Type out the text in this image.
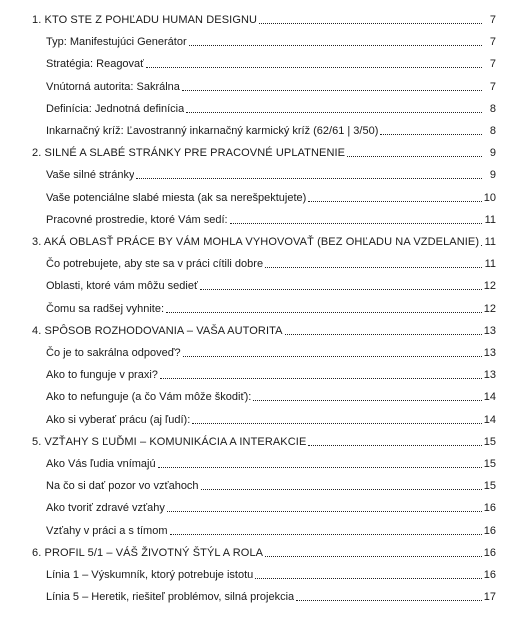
1. KTO STE Z POHĽADU HUMAN DESIGNU	7
Typ: Manifestujúci Generátor	7
Stratégia: Reagovať	7
Vnútorná autorita: Sakrálna	7
Definícia: Jednotná definícia	8
Inkarnačný kríž: Ľavostranný inkarnačný karmický kríž (62/61 | 3/50)	8
2. SILNÉ A SLABÉ STRÁNKY PRE PRACOVNÉ UPLATNENIE	9
Vaše silné stránky	9
Vaše potenciálne slabé miesta (ak sa nerešpektujete)	10
Pracovné prostredie, ktoré Vám sedí:	11
3. AKÁ OBLASŤ PRÁCE BY VÁM MOHLA VYHOVOVAŤ (BEZ OHĽADU NA VZDELANIE) 11
Čo potrebujete, aby ste sa v práci cítili dobre	11
Oblasti, ktoré vám môžu sedieť	12
Čomu sa radšej vyhnite:	12
4. SPÔSOB ROZHODOVANIA – VAŠA AUTORITA	13
Čo je to sakrálna odpoveď?	13
Ako to funguje v praxi?	13
Ako to nefunguje (a čo Vám môže škodiť):	14
Ako si vyberať prácu (aj ľudí):	14
5. VZŤAHY S ĽUĎMI – KOMUNIKÁCIA A INTERAKCIE	15
Ako Vás ľudia vnímajú	15
Na čo si dať pozor vo vzťahoch	15
Ako tvoriť zdravé vzťahy	16
Vzťahy v práci a s tímom	16
6. PROFIL 5/1 – VÁŠ ŽIVOTNÝ ŠTÝL A ROLA	16
Línia 1 – Výskumník, ktorý potrebuje istotu	16
Línia 5 – Heretik, riešiteľ problémov, silná projekcia	17
